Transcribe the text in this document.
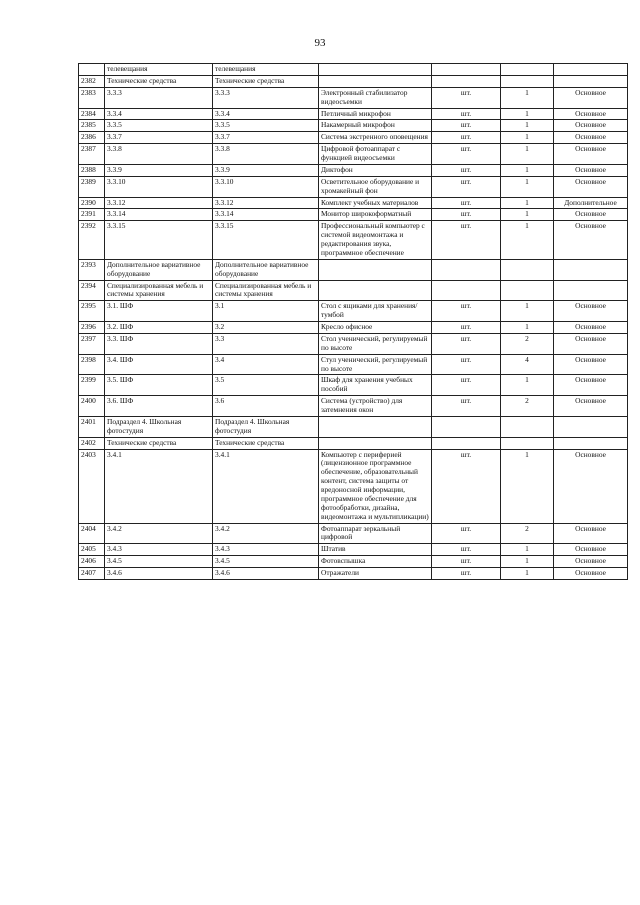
93
	телевещания	телевещания				
2382	Технические средства	Технические средства				
2383	3.3.3	3.3.3	Электронный стабилизатор видеосъемки	шт.	1	Основное
2384	3.3.4	3.3.4	Петличный микрофон	шт.	1	Основное
2385	3.3.5	3.3.5	Накамерный микрофон	шт.	1	Основное
2386	3.3.7	3.3.7	Система экстренного оповещения	шт.	1	Основное
2387	3.3.8	3.3.8	Цифровой фотоаппарат с функцией видеосъемки	шт.	1	Основное
2388	3.3.9	3.3.9	Диктофон	шт.	1	Основное
2389	3.3.10	3.3.10	Осветительное оборудование и хромакейный фон	шт.	1	Основное
2390	3.3.12	3.3.12	Комплект учебных материалов	шт.	1	Дополнительное
2391	3.3.14	3.3.14	Монитор широкоформатный	шт.	1	Основное
2392	3.3.15	3.3.15	Профессиональный компьютер с системой видеомонтажа и редактирования звука, программное обеспечение	шт.	1	Основное
2393	Дополнительное вариативное оборудование	Дополнительное вариативное оборудование				
2394	Специализированная мебель и системы хранения	Специализированная мебель и системы хранения				
2395	3.1. ШФ	3.1	Стол с ящиками для хранения/тумбой	шт.	1	Основное
2396	3.2. ШФ	3.2	Кресло офисное	шт.	1	Основное
2397	3.3. ШФ	3.3	Стол ученический, регулируемый по высоте	шт.	2	Основное
2398	3.4. ШФ	3.4	Стул ученический, регулируемый по высоте	шт.	4	Основное
2399	3.5. ШФ	3.5	Шкаф для хранения учебных пособий	шт.	1	Основное
2400	3.6. ШФ	3.6	Система (устройство) для затемнения окон	шт.	2	Основное
2401	Подраздел 4. Школьная фотостудия	Подраздел 4. Школьная фотостудия				
2402	Технические средства	Технические средства				
2403	3.4.1	3.4.1	Компьютер с периферией (лицензионное программное обеспечение, образовательный контент, система защиты от вредоносной информации, программное обеспечение для фотообработки, дизайна, видеомонтажа и мультипликации)	шт.	1	Основное
2404	3.4.2	3.4.2	Фотоаппарат зеркальный цифровой	шт.	2	Основное
2405	3.4.3	3.4.3	Штатив	шт.	1	Основное
2406	3.4.5	3.4.5	Фотовспышка	шт.	1	Основное
2407	3.4.6	3.4.6	Отражатели	шт.	1	Основное
